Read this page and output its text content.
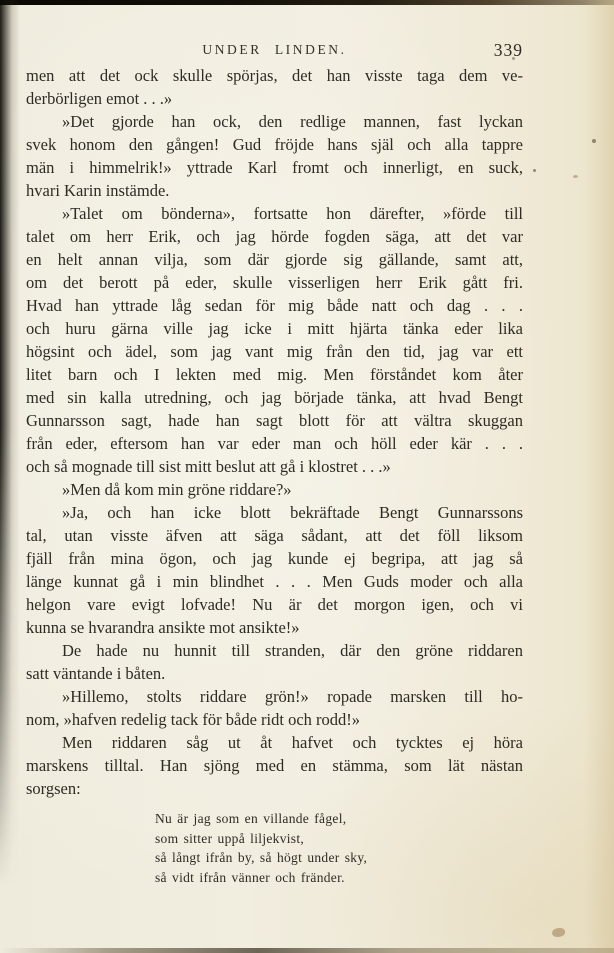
UNDER LINDEN.	339
men att det ock skulle spörjas, det han visste taga dem ve-
derbörligen emot . . .»
»Det gjorde han ock, den redlige mannen, fast lyckan
svek honom den gången! Gud fröjde hans själ och alla tappre
män i himmelrik!» yttrade Karl fromt och innerligt, en suck,
hvari Karin instämde.
»Talet om bönderna», fortsatte hon därefter, »förde till
talet om herr Erik, och jag hörde fogden säga, att det var
en helt annan vilja, som där gjorde sig gällande, samt att,
om det berott på eder, skulle visserligen herr Erik gått fri.
Hvad han yttrade låg sedan för mig både natt och dag . . .
och huru gärna ville jag icke i mitt hjärta tänka eder lika
högsint och ädel, som jag vant mig från den tid, jag var ett
litet barn och I lekten med mig. Men förståndet kom åter
med sin kalla utredning, och jag började tänka, att hvad Bengt
Gunnarsson sagt, hade han sagt blott för att vältra skuggan
från eder, eftersom han var eder man och höll eder kär . . .
och så mognade till sist mitt beslut att gå i klostret . . .»
»Men då kom min gröne riddare?»
»Ja, och han icke blott bekräftade Bengt Gunnarssons
tal, utan visste äfven att säga sådant, att det föll liksom
fjäll från mina ögon, och jag kunde ej begripa, att jag så
länge kunnat gå i min blindhet . . . Men Guds moder och alla
helgon vare evigt lofvade! Nu är det morgon igen, och vi
kunna se hvarandra ansikte mot ansikte!»
De hade nu hunnit till stranden, där den gröne riddaren
satt väntande i båten.
»Hillemo, stolts riddare grön!» ropade marsken till ho-
nom, »hafven redelig tack för både ridt och rodd!»
Men riddaren såg ut åt hafvet och tycktes ej höra
marskens tilltal. Han sjöng med en stämma, som lät nästan
sorgsen:
Nu är jag som en villande fågel,
som sitter uppå liljekvist,
så långt ifrån by, så högt under sky,
så vidt ifrån vänner och fränder.
